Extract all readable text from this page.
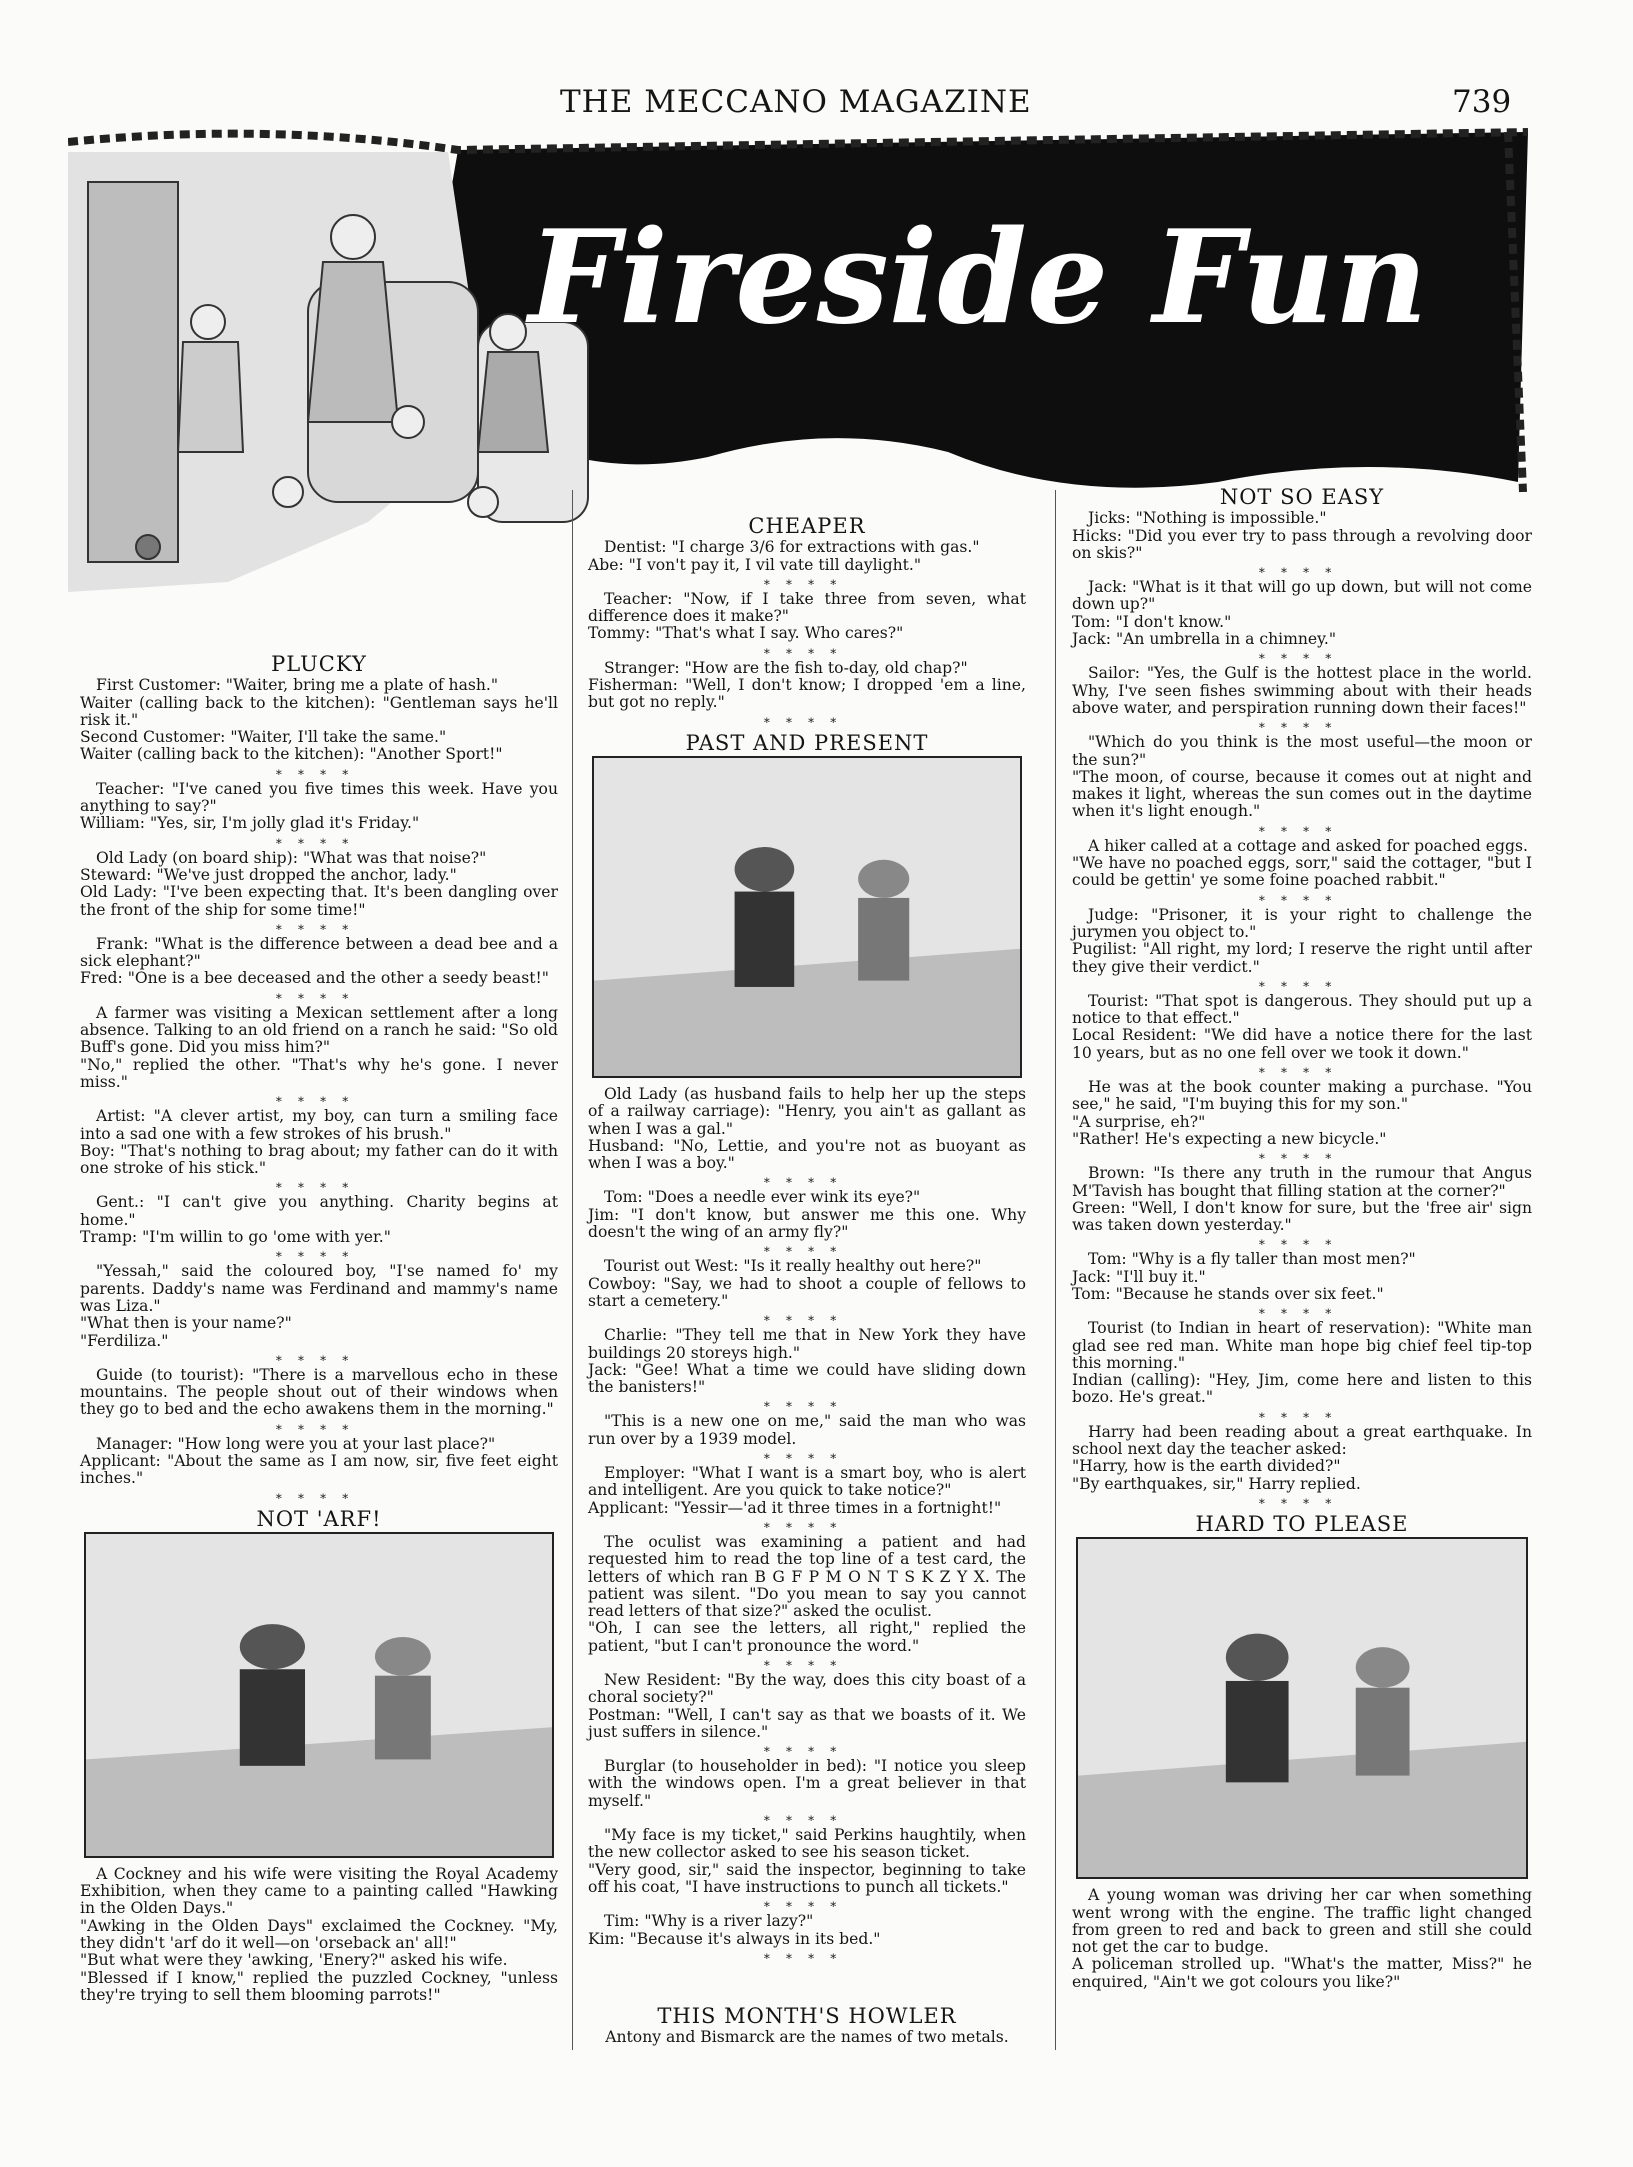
THE MECCANO MAGAZINE	739
Fireside Fun
PLUCKY

First Customer: "Waiter, bring me a plate of hash."
Waiter (calling back to the kitchen): "Gentleman says he'll risk it."
Second Customer: "Waiter, I'll take the same."
Waiter (calling back to the kitchen): "Another Sport!"

∗∗∗∗

Teacher: "I've caned you five times this week. Have you anything to say?"
William: "Yes, sir, I'm jolly glad it's Friday."

∗∗∗∗

Old Lady (on board ship): "What was that noise?"
Steward: "We've just dropped the anchor, lady."
Old Lady: "I've been expecting that. It's been dangling over the front of the ship for some time!"

∗∗∗∗

Frank: "What is the difference between a dead bee and a sick elephant?"
Fred: "One is a bee deceased and the other a seedy beast!"

∗∗∗∗

A farmer was visiting a Mexican settlement after a long absence. Talking to an old friend on a ranch he said: "So old Buff's gone. Did you miss him?"
"No," replied the other. "That's why he's gone. I never miss."

∗∗∗∗

Artist: "A clever artist, my boy, can turn a smiling face into a sad one with a few strokes of his brush."
Boy: "That's nothing to brag about; my father can do it with one stroke of his stick."

∗∗∗∗

Gent.: "I can't give you anything. Charity begins at home."
Tramp: "I'm willin to go 'ome with yer."

∗∗∗∗

"Yessah," said the coloured boy, "I'se named fo' my parents. Daddy's name was Ferdinand and mammy's name was Liza."
"What then is your name?"
"Ferdiliza."

∗∗∗∗

Guide (to tourist): "There is a marvellous echo in these mountains. The people shout out of their windows when they go to bed and the echo awakens them in the morning."

∗∗∗∗

Manager: "How long were you at your last place?"
Applicant: "About the same as I am now, sir, five feet eight inches."

∗∗∗∗
NOT 'ARF!

A Cockney and his wife were visiting the Royal Academy Exhibition, when they came to a painting called "Hawking in the Olden Days."
"Awking in the Olden Days" exclaimed the Cockney. "My, they didn't 'arf do it well—on 'orseback an' all!"
"But what were they 'awking, 'Enery?" asked his wife.
"Blessed if I know," replied the puzzled Cockney, "unless they're trying to sell them blooming parrots!"

CHEAPER

Dentist: "I charge 3/6 for extractions with gas."
Abe: "I von't pay it, I vil vate till daylight."

∗∗∗∗

Teacher: "Now, if I take three from seven, what difference does it make?"
Tommy: "That's what I say. Who cares?"

∗∗∗∗

Stranger: "How are the fish to-day, old chap?"
Fisherman: "Well, I don't know; I dropped 'em a line, but got no reply."

∗∗∗∗
PAST AND PRESENT

Old Lady (as husband fails to help her up the steps of a railway carriage): "Henry, you ain't as gallant as when I was a gal."
Husband: "No, Lettie, and you're not as buoyant as when I was a boy."

∗∗∗∗

Tom: "Does a needle ever wink its eye?"
Jim: "I don't know, but answer me this one. Why doesn't the wing of an army fly?"

∗∗∗∗

Tourist out West: "Is it really healthy out here?"
Cowboy: "Say, we had to shoot a couple of fellows to start a cemetery."

∗∗∗∗

Charlie: "They tell me that in New York they have buildings 20 storeys high."
Jack: "Gee! What a time we could have sliding down the banisters!"

∗∗∗∗

"This is a new one on me," said the man who was run over by a 1939 model.

∗∗∗∗

Employer: "What I want is a smart boy, who is alert and intelligent. Are you quick to take notice?"
Applicant: "Yessir—'ad it three times in a fortnight!"

∗∗∗∗

The oculist was examining a patient and had requested him to read the top line of a test card, the letters of which ran B G F P M O N T S K Z Y X. The patient was silent. "Do you mean to say you cannot read letters of that size?" asked the oculist.
"Oh, I can see the letters, all right," replied the patient, "but I can't pronounce the word."

∗∗∗∗

New Resident: "By the way, does this city boast of a choral society?"
Postman: "Well, I can't say as that we boasts of it. We just suffers in silence."

∗∗∗∗

Burglar (to householder in bed): "I notice you sleep with the windows open. I'm a great believer in that myself."

∗∗∗∗

"My face is my ticket," said Perkins haughtily, when the new collector asked to see his season ticket.
"Very good, sir," said the inspector, beginning to take off his coat, "I have instructions to punch all tickets."

∗∗∗∗

Tim: "Why is a river lazy?"
Kim: "Because it's always in its bed."

∗∗∗∗
NOT SO EASY

Jicks: "Nothing is impossible."
Hicks: "Did you ever try to pass through a revolving door on skis?"

∗∗∗∗

Jack: "What is it that will go up down, but will not come down up?"
Tom: "I don't know."
Jack: "An umbrella in a chimney."

∗∗∗∗

Sailor: "Yes, the Gulf is the hottest place in the world. Why, I've seen fishes swimming about with their heads above water, and perspiration running down their faces!"

∗∗∗∗

"Which do you think is the most useful—the moon or the sun?"
"The moon, of course, because it comes out at night and makes it light, whereas the sun comes out in the daytime when it's light enough."

∗∗∗∗

A hiker called at a cottage and asked for poached eggs.
"We have no poached eggs, sorr," said the cottager, "but I could be gettin' ye some foine poached rabbit."

∗∗∗∗

Judge: "Prisoner, it is your right to challenge the jurymen you object to."
Pugilist: "All right, my lord; I reserve the right until after they give their verdict."

∗∗∗∗

Tourist: "That spot is dangerous. They should put up a notice to that effect."
Local Resident: "We did have a notice there for the last 10 years, but as no one fell over we took it down."

∗∗∗∗

He was at the book counter making a purchase. "You see," he said, "I'm buying this for my son."
"A surprise, eh?"
"Rather! He's expecting a new bicycle."

∗∗∗∗

Brown: "Is there any truth in the rumour that Angus M'Tavish has bought that filling station at the corner?"
Green: "Well, I don't know for sure, but the 'free air' sign was taken down yesterday."

∗∗∗∗

Tom: "Why is a fly taller than most men?"
Jack: "I'll buy it."
Tom: "Because he stands over six feet."

∗∗∗∗

Tourist (to Indian in heart of reservation): "White man glad see red man. White man hope big chief feel tip-top this morning."
Indian (calling): "Hey, Jim, come here and listen to this bozo. He's great."

∗∗∗∗

Harry had been reading about a great earthquake. In school next day the teacher asked:
"Harry, how is the earth divided?"
"By earthquakes, sir," Harry replied.

∗∗∗∗
HARD TO PLEASE

A young woman was driving her car when something went wrong with the engine. The traffic light changed from green to red and back to green and still she could not get the car to budge.
A policeman strolled up. "What's the matter, Miss?" he enquired, "Ain't we got colours you like?"

THIS MONTH'S HOWLER

Antony and Bismarck are the names of two metals.
